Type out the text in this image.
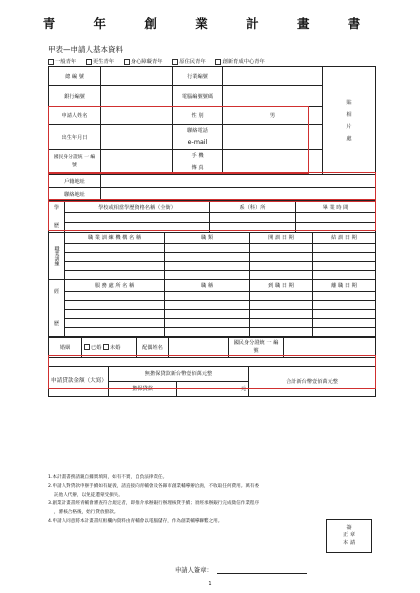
青 年 創 業 計 畫 書
甲表—申請人基本資料
一般青年	更生青年	身心障礙青年	原住民青年	創新育成中心青年
總 編 號		行業編號		貼
相
片
處

銀行編號		電腦編號號碼		
申請人姓名		性 別	男	
出生年月日		聯絡電話
e-mail		

國民身分證統 一 編 號		手 機
傳 真		

戶籍地址	
聯絡地址	
學
歷	學校或相當學歷資格名稱（全銜）	系（科）所	畢 業 時 間

職業訓練	職 業 訓 練 機 構 名 稱	職 類	開 訓 日 期	結 訓 日 期

經
歷	服 務 處 所 名 稱	職 稱	到 職 日 期	離 職 日 期

婚姻	已婚 未婚	配偶姓名		國民身分證統 一 編 號	
申請貸款金額（大寫）	無擔保貸款新台幣壹佰萬元整		合計新台幣壹佰萬元整
	擔保貸款	元	
1.本計畫書務請親自據實填寫，如有不實，自負法律責任。
2.申請人對貸款申辦手續如有疑義，請直接向青輔會及各縣市創業輔導辦洽詢，不收取任何費用。萬有委
託他人代辦，以免徒遭蒙受損失。
3.創業計畫書經青輔會審查符合規定者，即推介承辦銀行辦理核貸手續；須經承辦銀行完成徵信作業程序
，審核合格後，始行貸放撥款。
4.申請人同意將本計畫書紅框欄內資料由青輔會以電腦儲存，作為創業輔導聯繫之用。
簽
正 章
本 請
申請人簽章：
1
